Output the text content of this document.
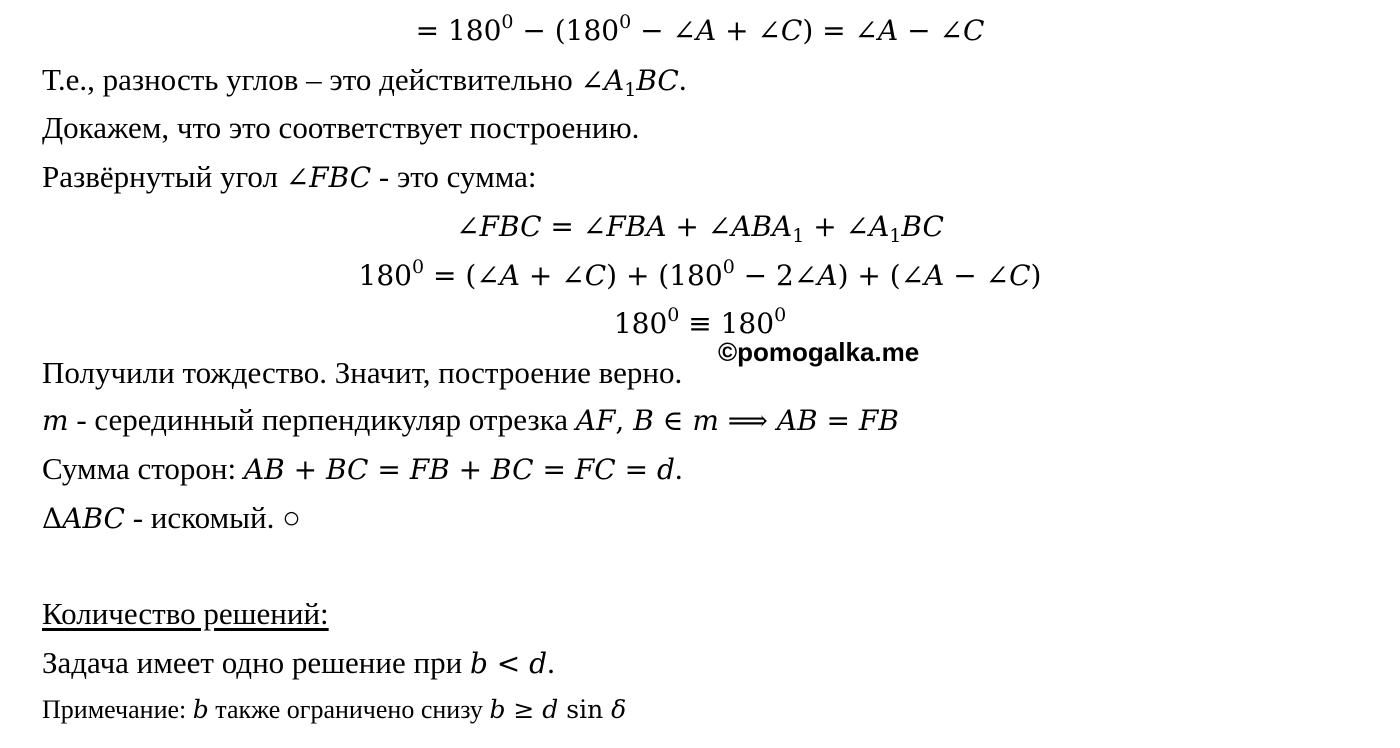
= $180^0 - (180^0$ − ∠A + ∠C) = ∠A − ∠C
Т.е., разность углов – это действительно $\angle A_1BC$.
Докажем, что это соответствует построению.
Развёрнутый угол ∠FBC - это сумма:
∠FBC = ∠FBA + $\angle ABA_1$ + $\angle A_1BC$
$180^0$ = (∠A + ∠C) + ($180^0$ − 2∠A) + (∠A − ∠C)
$180^0 \equiv 180^0$
Получили тождество. Значит, построение верно.
©pomogalka.me
m - серединный перпендикуляр отрезка AF, B ∈ m ⟹ AB = FB
Сумма сторон: AB + BC = FB + BC = FC = d.
ΔABC - искомый. ○
Количество решений:
Задача имеет одно решение при b < d.
Примечание: b также ограничено снизу b ≥ d sin δ
